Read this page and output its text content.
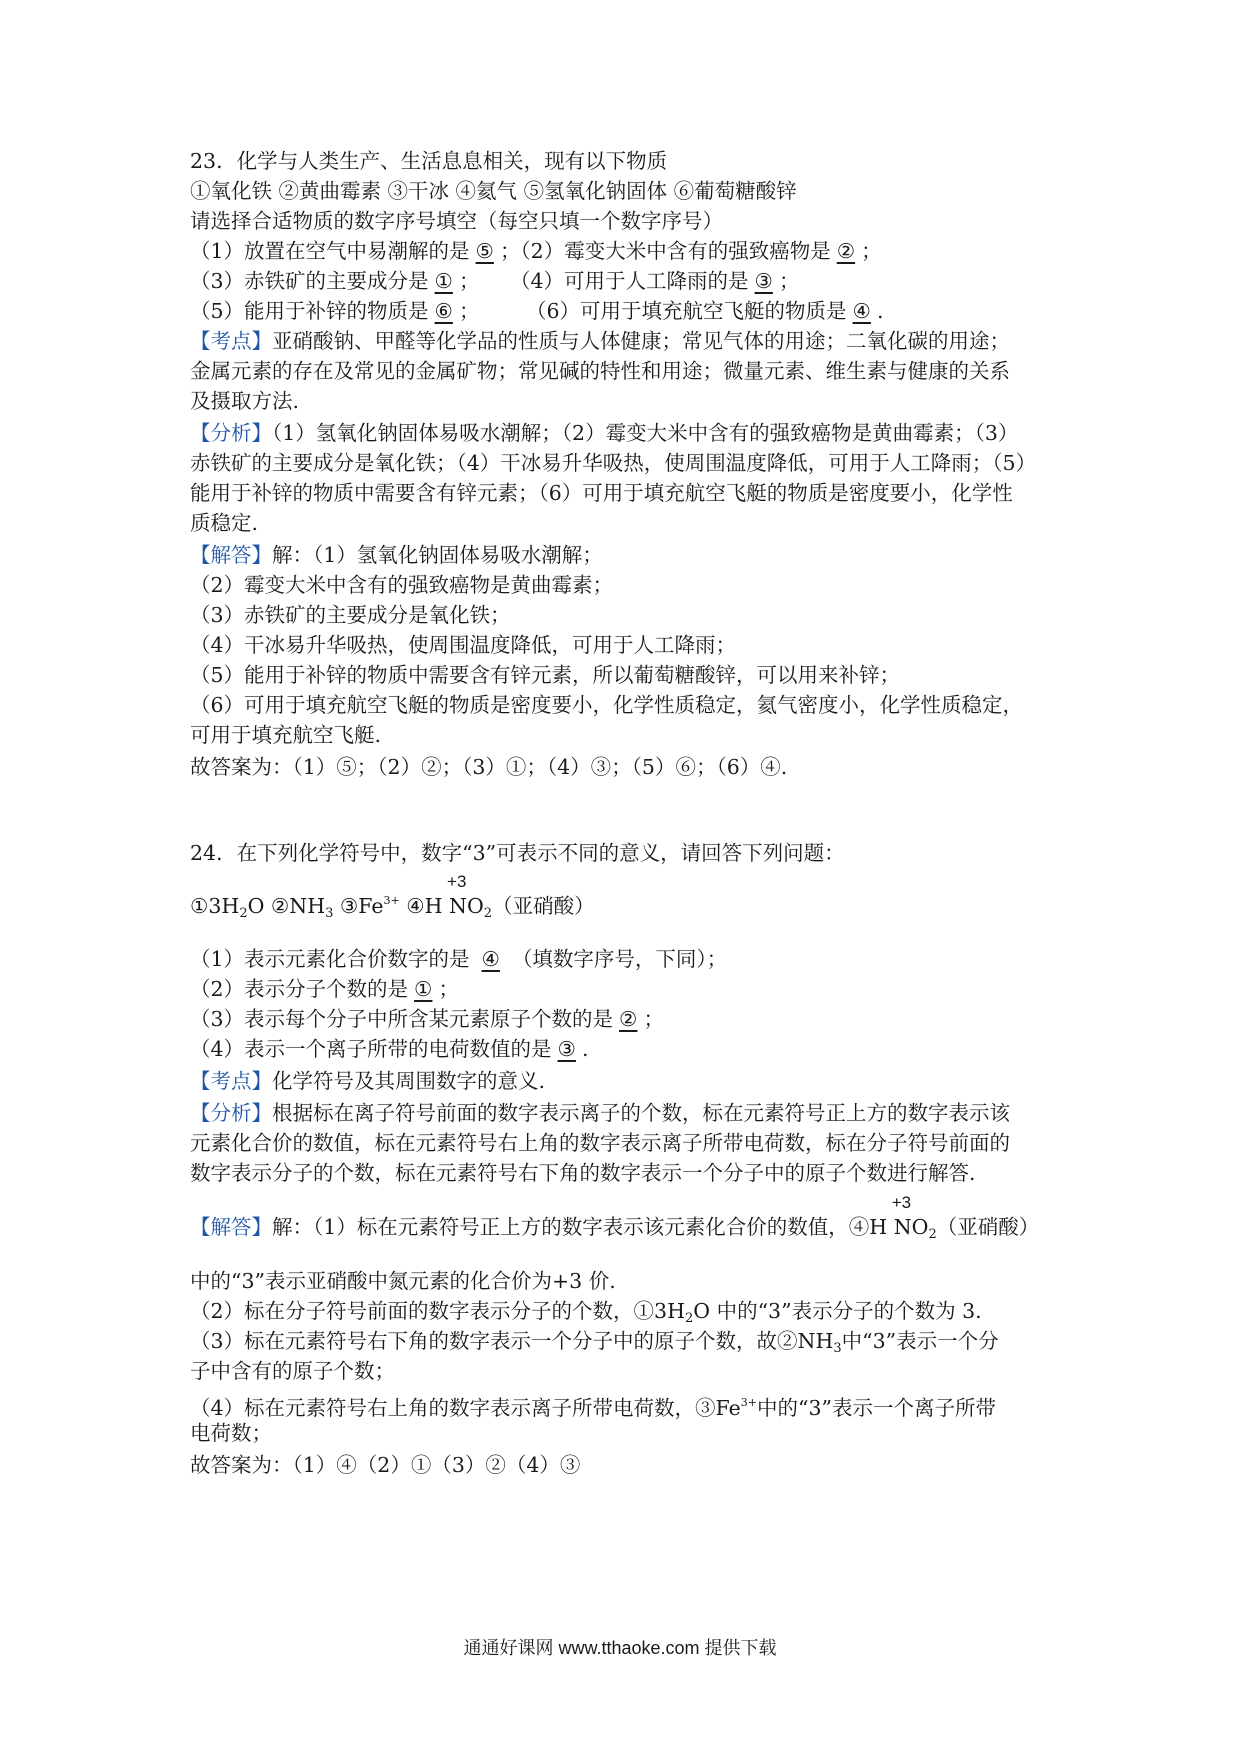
23．化学与人类生产、生活息息相关，现有以下物质
①氧化铁 ②黄曲霉素 ③干冰 ④氦气 ⑤氢氧化钠固体 ⑥葡萄糖酸锌
请选择合适物质的数字序号填空（每空只填一个数字序号）
（1）放置在空气中易潮解的是 ⑤ ；（2）霉变大米中含有的强致癌物是 ② ；
（3）赤铁矿的主要成分是 ① ； （4）可用于人工降雨的是 ③ ；
（5）能用于补锌的物质是 ⑥ ； （6）可用于填充航空飞艇的物质是 ④ .
【考点】亚硝酸钠、甲醛等化学品的性质与人体健康；常见气体的用途；二氧化碳的用途；
金属元素的存在及常见的金属矿物；常见碱的特性和用途；微量元素、维生素与健康的关系
及摄取方法.
【分析】（1）氢氧化钠固体易吸水潮解；（2）霉变大米中含有的强致癌物是黄曲霉素；（3）
赤铁矿的主要成分是氧化铁；（4）干冰易升华吸热，使周围温度降低，可用于人工降雨；（5）
能用于补锌的物质中需要含有锌元素；（6）可用于填充航空飞艇的物质是密度要小，化学性
质稳定.
【解答】解：（1）氢氧化钠固体易吸水潮解；
（2）霉变大米中含有的强致癌物是黄曲霉素；
（3）赤铁矿的主要成分是氧化铁；
（4）干冰易升华吸热，使周围温度降低，可用于人工降雨；
（5）能用于补锌的物质中需要含有锌元素，所以葡萄糖酸锌，可以用来补锌；
（6）可用于填充航空飞艇的物质是密度要小，化学性质稳定，氦气密度小，化学性质稳定，
可用于填充航空飞艇.
故答案为：（1）⑤；（2）②；（3）①；（4）③；（5）⑥；（6）④.
24．在下列化学符号中，数字“3”可表示不同的意义，请回答下列问题：
①3H2O ②NH3 $③Fe^{3+}$ ④H
+3
NO2（亚硝酸）
（1）表示元素化合价数字的是 ④ （填数字序号，下同）；
（2）表示分子个数的是 ① ；
（3）表示每个分子中所含某元素原子个数的是 ② ；
（4）表示一个离子所带的电荷数值的是 ③ .
【考点】化学符号及其周围数字的意义.
【分析】根据标在离子符号前面的数字表示离子的个数，标在元素符号正上方的数字表示该
元素化合价的数值，标在元素符号右上角的数字表示离子所带电荷数，标在分子符号前面的
数字表示分子的个数，标在元素符号右下角的数字表示一个分子中的原子个数进行解答.
【解答】解：（1）标在元素符号正上方的数字表示该元素化合价的数值，④H
+3
NO2（亚硝酸）
中的“3”表示亚硝酸中氮元素的化合价为+3 价.
（2）标在分子符号前面的数字表示分子的个数，①3H2O 中的“3”表示分子的个数为 3.
（3）标在元素符号右下角的数字表示一个分子中的原子个数，故②NH3中“3”表示一个分
子中含有的原子个数；
（4）标在元素符号右上角的数字表示离子所带电荷数，$③Fe^{3+}$中的“3”表示一个离子所带
电荷数；
故答案为：（1）④（2）①（3）②（4）③
通通好课网 www.tthaoke.com 提供下载
